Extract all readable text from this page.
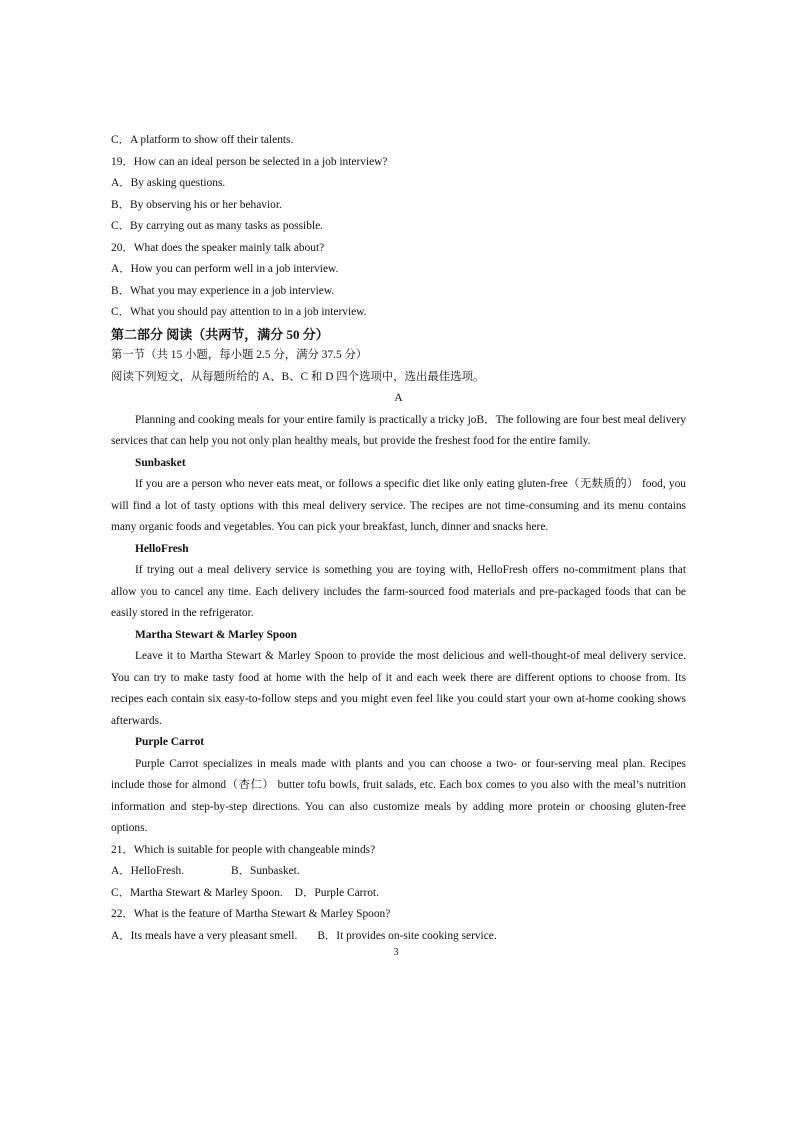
C．A platform to show off their talents.
19．How can an ideal person be selected in a job interview?
A．By asking questions.
B．By observing his or her behavior.
C．By carrying out as many tasks as possible.
20．What does the speaker mainly talk about?
A．How you can perform well in a job interview.
B．What you may experience in a job interview.
C．What you should pay attention to in a job interview.
第二部分 阅读（共两节，满分 50 分）
第一节（共 15 小题，每小题 2.5 分，满分 37.5 分）
阅读下列短文，从每题所给的 A、B、C 和 D 四个选项中，选出最佳选项。
A
Planning and cooking meals for your entire family is practically a tricky joB．The following are four best meal delivery services that can help you not only plan healthy meals, but provide the freshest food for the entire family.
Sunbasket
If you are a person who never eats meat, or follows a specific diet like only eating gluten-free（无麸质的） food, you will find a lot of tasty options with this meal delivery service. The recipes are not time-consuming and its menu contains many organic foods and vegetables. You can pick your breakfast, lunch, dinner and snacks here.
HelloFresh
If trying out a meal delivery service is something you are toying with, HelloFresh offers no-commitment plans that allow you to cancel any time. Each delivery includes the farm-sourced food materials and pre-packaged foods that can be easily stored in the refrigerator.
Martha Stewart & Marley Spoon
Leave it to Martha Stewart & Marley Spoon to provide the most delicious and well-thought-of meal delivery service. You can try to make tasty food at home with the help of it and each week there are different options to choose from. Its recipes each contain six easy-to-follow steps and you might even feel like you could start your own at-home cooking shows afterwards.
Purple Carrot
Purple Carrot specializes in meals made with plants and you can choose a two- or four-serving meal plan. Recipes include those for almond（杏仁） butter tofu bowls, fruit salads, etc. Each box comes to you also with the meal’s nutrition information and step-by-step directions. You can also customize meals by adding more protein or choosing gluten-free options.
21．Which is suitable for people with changeable minds?
A．HelloFresh.	B．Sunbasket.
C．Martha Stewart & Marley Spoon. D．Purple Carrot.
22．What is the feature of Martha Stewart & Marley Spoon?
A．Its meals have a very pleasant smell. B．It provides on-site cooking service.
3
